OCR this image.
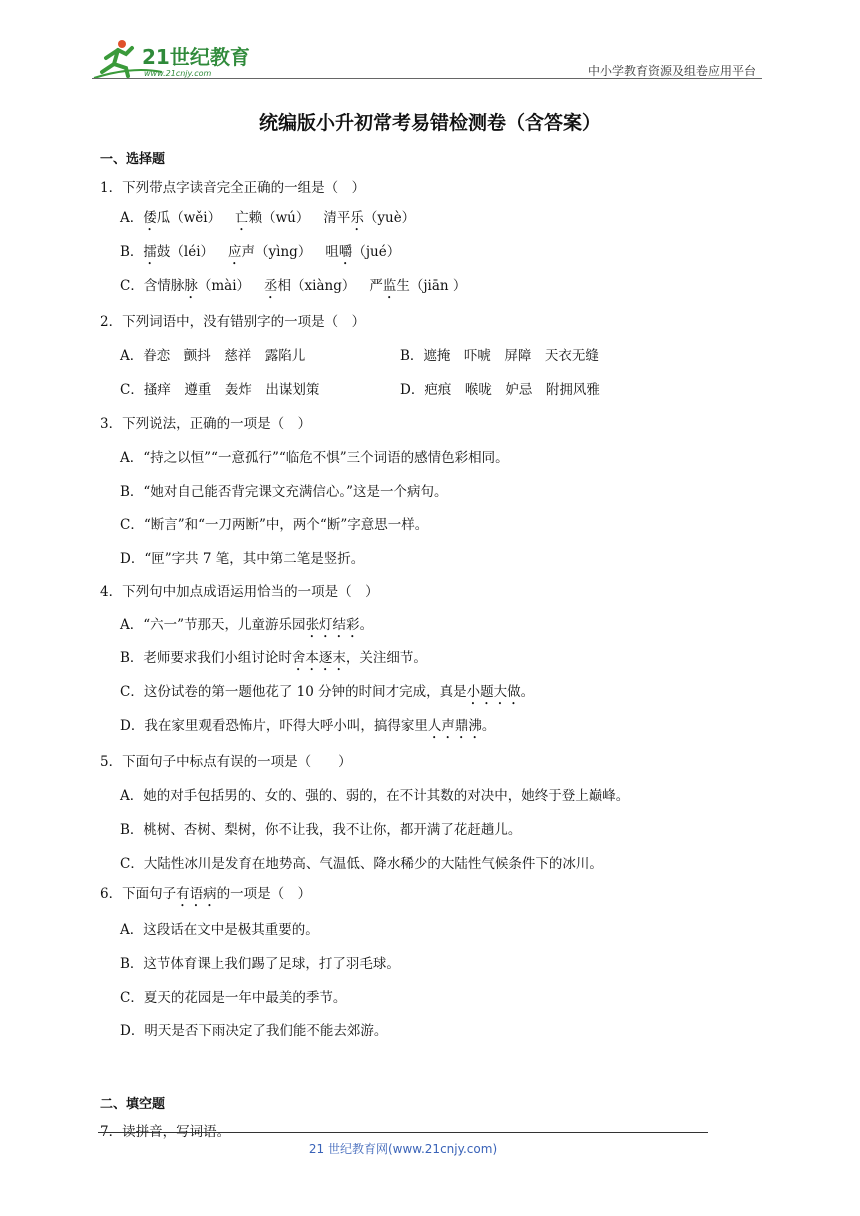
21世纪教育
www.21cnjy.com	中小学教育资源及组卷应用平台
统编版小升初常考易错检测卷（含答案）
一、选择题
1．下列带点字读音完全正确的一组是（　）
A．倭瓜（wěi） 亡赖（wú） 清平乐（yuè）
B．擂鼓（léi） 应声（yìng） 咀嚼（jué）
C．含情脉脉（mài） 丞相（xiàng） 严监生（jiān ）
2．下列词语中，没有错别字的一项是（　）
A．眷恋　颤抖　慈祥　露陷儿	B．遮掩　吓唬　屏障　天衣无缝
C．搔痒　遵重　轰炸　出谋划策	D．疤痕　喉咙　妒忌　附拥风雅
3．下列说法，正确的一项是（　）
A．“持之以恒”“一意孤行”“临危不惧”三个词语的感情色彩相同。
B．“她对自己能否背完课文充满信心。”这是一个病句。
C．“断言”和“一刀两断”中，两个“断”字意思一样。
D．“匣”字共 7 笔，其中第二笔是竖折。
4．下列句中加点成语运用恰当的一项是（　）
A．“六一”节那天，儿童游乐园张灯结彩。
B．老师要求我们小组讨论时舍本逐末，关注细节。
C．这份试卷的第一题他花了 10 分钟的时间才完成，真是小题大做。
D．我在家里观看恐怖片，吓得大呼小叫，搞得家里人声鼎沸。
5．下面句子中标点有误的一项是（　　）
A．她的对手包括男的、女的、强的、弱的，在不计其数的对决中，她终于登上巅峰。
B．桃树、杏树、梨树，你不让我，我不让你，都开满了花赶趟儿。
C．大陆性冰川是发育在地势高、气温低、降水稀少的大陆性气候条件下的冰川。
6．下面句子有语病的一项是（　）
A．这段话在文中是极其重要的。
B．这节体育课上我们踢了足球，打了羽毛球。
C．夏天的花园是一年中最美的季节。
D．明天是否下雨决定了我们能不能去郊游。
二、填空题
7．读拼音，写词语。
21 世纪教育网(www.21cnjy.com)
